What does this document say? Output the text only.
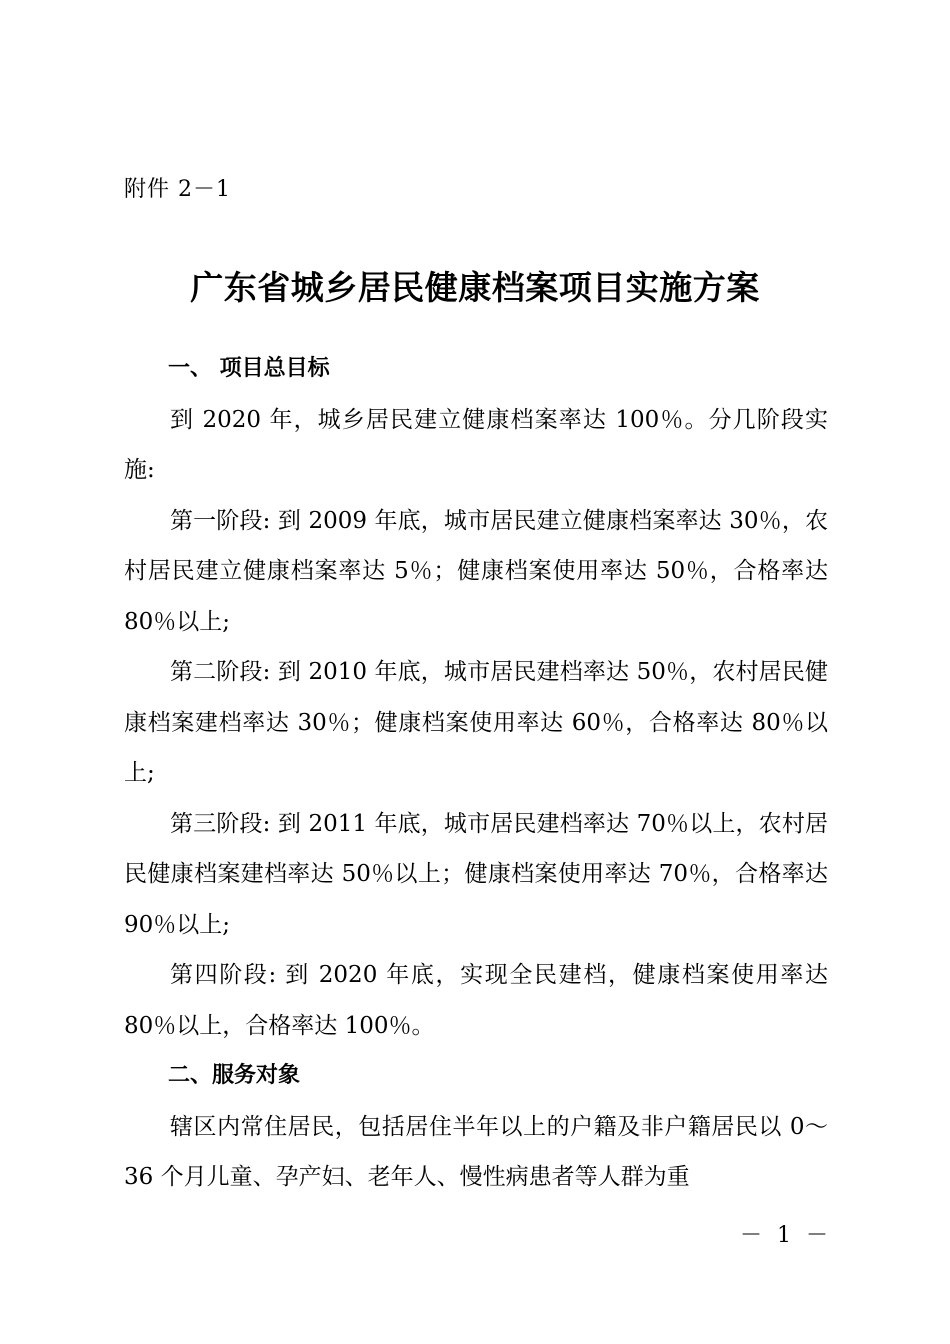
附件 2－1
广东省城乡居民健康档案项目实施方案
一、 项目总目标

到 2020 年，城乡居民建立健康档案率达 100％。分几阶段实施:

第一阶段: 到 2009 年底，城市居民建立健康档案率达 30％，农村居民建立健康档案率达 5％；健康档案使用率达 50％，合格率达 80％以上;

第二阶段: 到 2010 年底，城市居民建档率达 50％，农村居民健康档案建档率达 30％；健康档案使用率达 60％，合格率达 80％以上;

第三阶段: 到 2011 年底，城市居民建档率达 70％以上，农村居民健康档案建档率达 50％以上；健康档案使用率达 70％，合格率达 90％以上;

第四阶段: 到 2020 年底，实现全民建档，健康档案使用率达 80％以上，合格率达 100％。

二、服务对象

辖区内常住居民，包括居住半年以上的户籍及非户籍居民以 0～36 个月儿童、孕产妇、老年人、慢性病患者等人群为重

－ 1 －
